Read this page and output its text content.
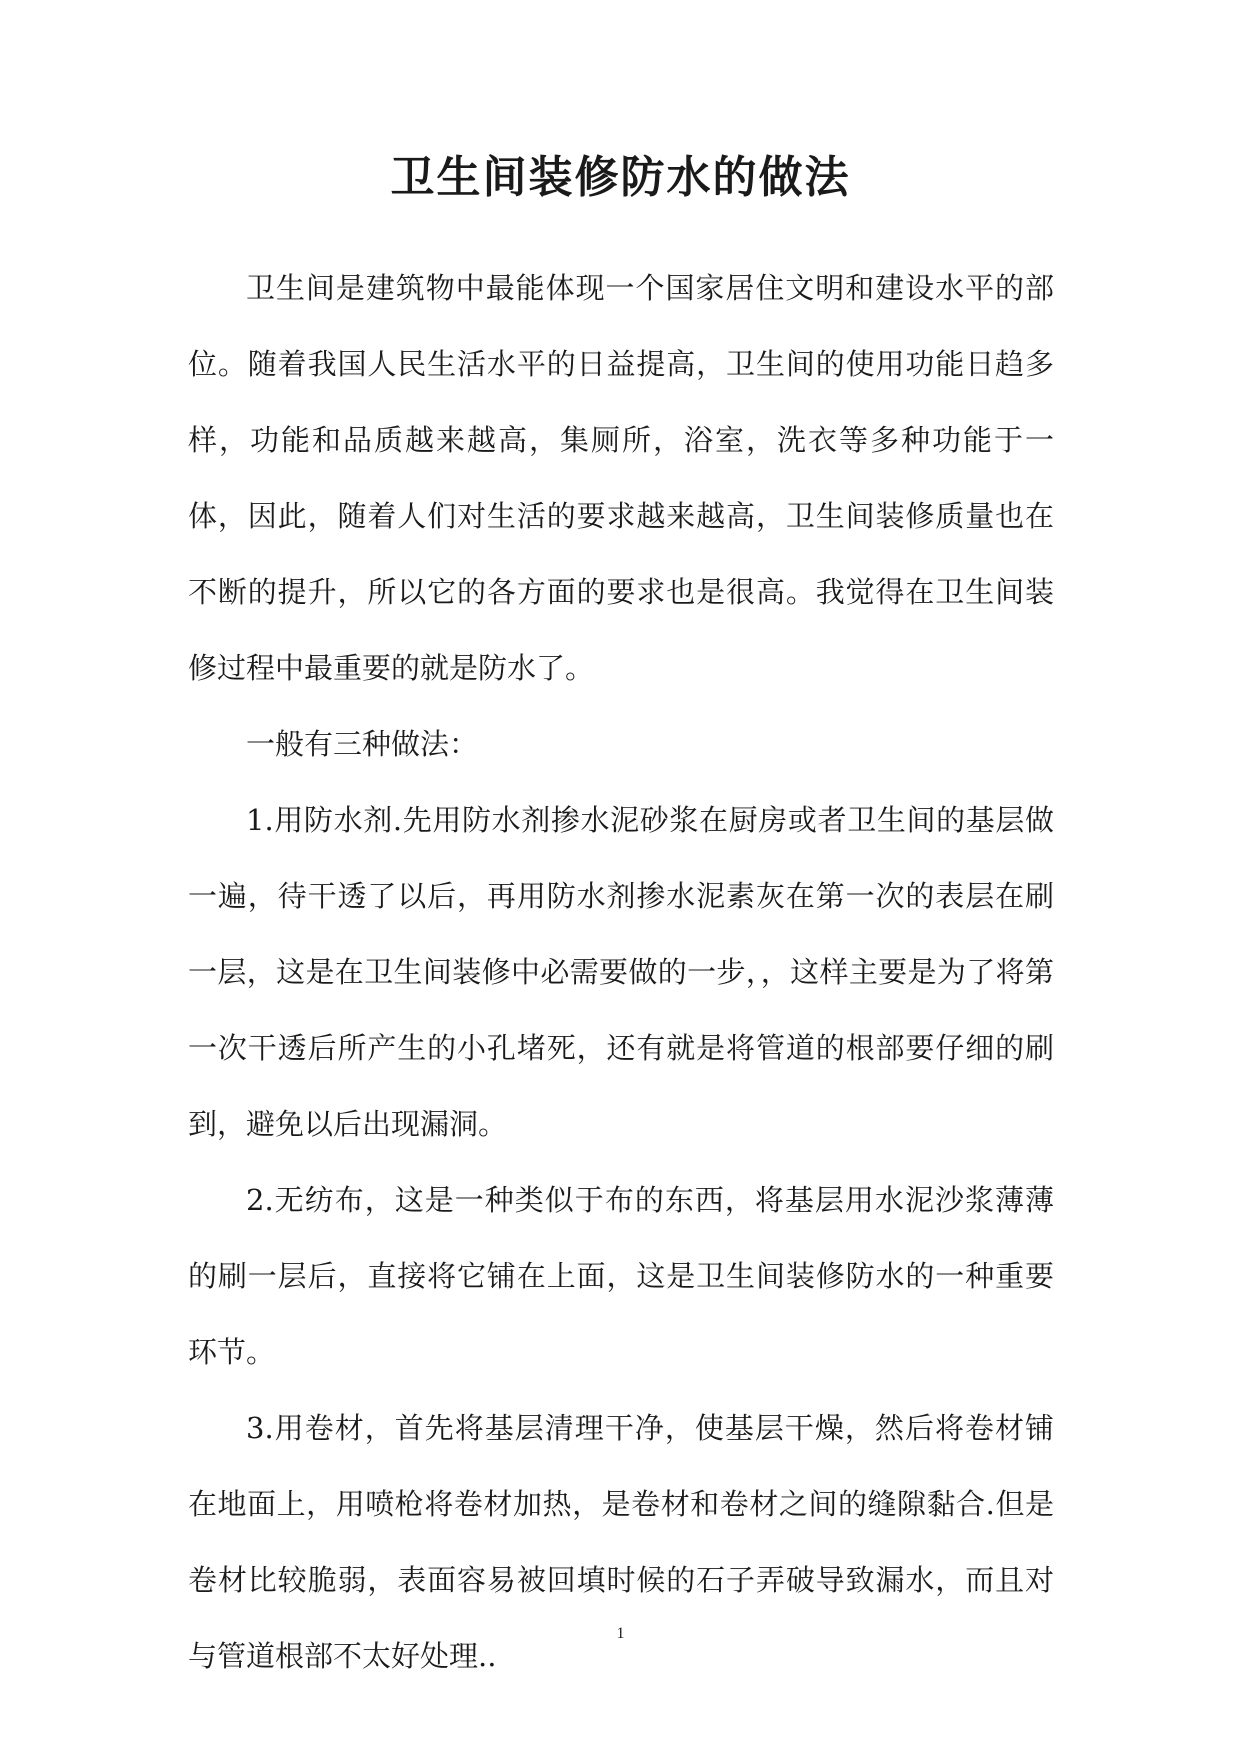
卫生间装修防水的做法

卫生间是建筑物中最能体现一个国家居住文明和建设水平的部位。随着我国人民生活水平的日益提高，卫生间的使用功能日趋多样，功能和品质越来越高，集厕所，浴室，洗衣等多种功能于一体，因此，随着人们对生活的要求越来越高，卫生间装修质量也在不断的提升，所以它的各方面的要求也是很高。我觉得在卫生间装修过程中最重要的就是防水了。

一般有三种做法：

1.用防水剂.先用防水剂掺水泥砂浆在厨房或者卫生间的基层做一遍，待干透了以后，再用防水剂掺水泥素灰在第一次的表层在刷一层，这是在卫生间装修中必需要做的一步，，这样主要是为了将第一次干透后所产生的小孔堵死，还有就是将管道的根部要仔细的刷到，避免以后出现漏洞。

2.无纺布，这是一种类似于布的东西，将基层用水泥沙浆薄薄的刷一层后，直接将它铺在上面，这是卫生间装修防水的一种重要环节。

3.用卷材，首先将基层清理干净，使基层干燥，然后将卷材铺在地面上，用喷枪将卷材加热，是卷材和卷材之间的缝隙黏合.但是卷材比较脆弱，表面容易被回填时候的石子弄破导致漏水，而且对与管道根部不太好处理..

1
